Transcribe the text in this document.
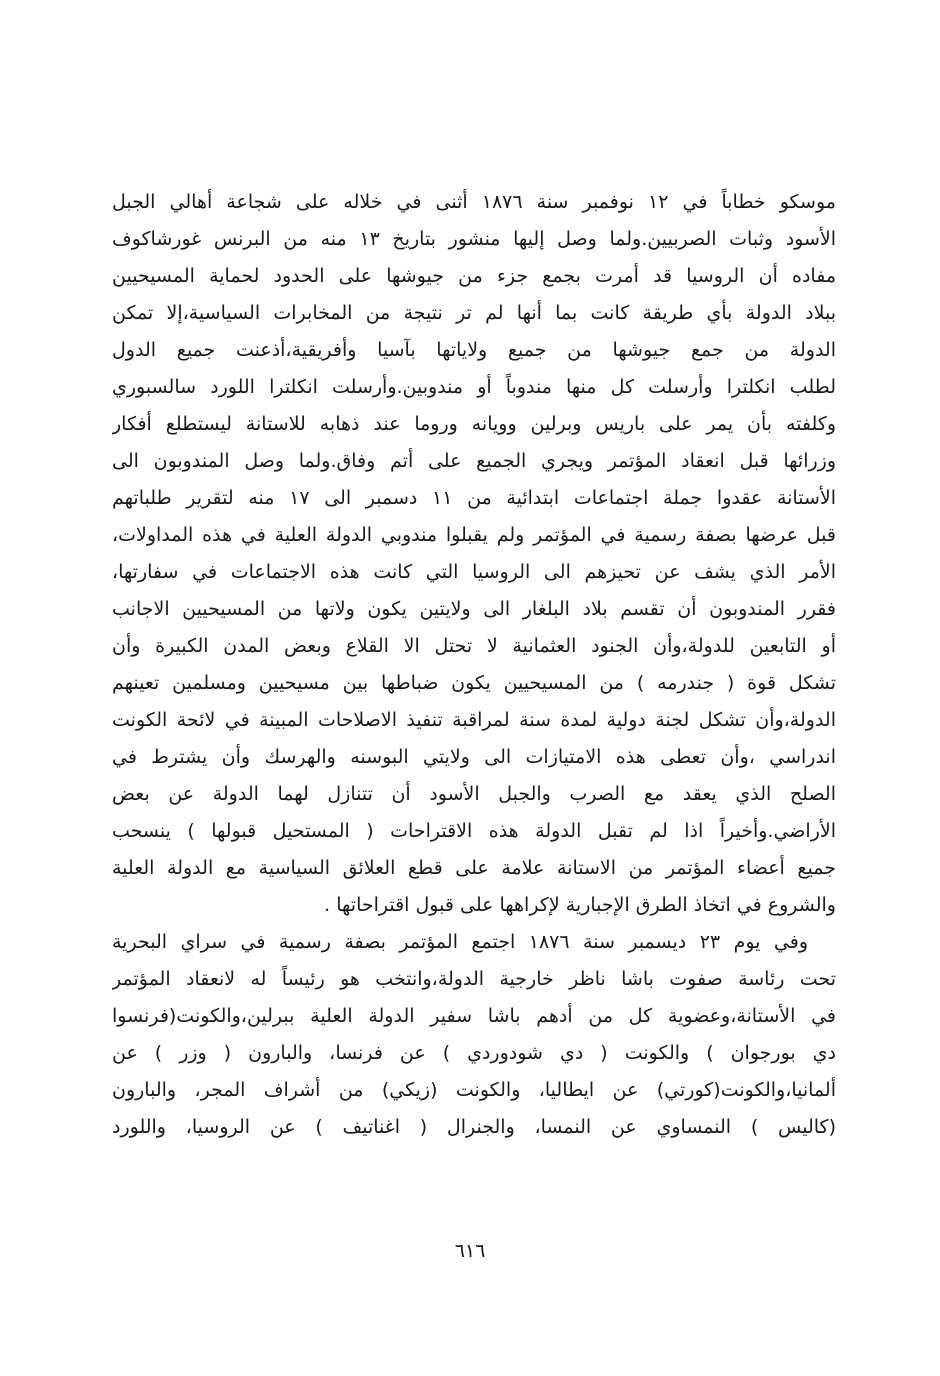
موسكو خطاباً في ١٢ نوفمبر سنة ١٨٧٦ أثنى في خلاله على شجاعة أهالي الجبل
الأسود وثبات الصربيين.ولما وصل إليها منشور بتاريخ ١٣ منه من البرنس غورشاكوف
مفاده أن الروسيا قد أمرت بجمع جزء من جيوشها على الحدود لحماية المسيحيين
ببلاد الدولة بأي طريقة كانت بما أنها لم تر نتيجة من المخابرات السياسية،إلا تمكن
الدولة من جمع جيوشها من جميع ولاياتها بآسيا وأفريقية،أذعنت جميع الدول
لطلب انكلترا وأرسلت كل منها مندوباً أو مندوبين.وأرسلت انكلترا اللورد سالسبوري
وكلفته بأن يمر على باريس وبرلين وويانه وروما عند ذهابه للاستانة ليستطلع أفكار
وزرائها قبل انعقاد المؤتمر ويجري الجميع على أتم وفاق.ولما وصل المندوبون الى
الأستانة عقدوا جملة اجتماعات ابتدائية من ١١ دسمبر الى ١٧ منه لتقرير طلباتهم
قبل عرضها بصفة رسمية في المؤتمر ولم يقبلوا مندوبي الدولة العلية في هذه المداولات،
الأمر الذي يشف عن تحيزهم الى الروسيا التي كانت هذه الاجتماعات في سفارتها،
فقرر المندوبون أن تقسم بلاد البلغار الى ولايتين يكون ولاتها من المسيحيين الاجانب
أو التابعين للدولة،وأن الجنود العثمانية لا تحتل الا القلاع وبعض المدن الكبيرة وأن
تشكل قوة ( جندرمه ) من المسيحيين يكون ضباطها بين مسيحيين ومسلمين تعينهم
الدولة،وأن تشكل لجنة دولية لمدة سنة لمراقبة تنفيذ الاصلاحات المبينة في لائحة الكونت
اندراسي ،وأن تعطى هذه الامتيازات الى ولايتي البوسنه والهرسك وأن يشترط في
الصلح الذي يعقد مع الصرب والجبل الأسود أن تتنازل لهما الدولة عن بعض
الأراضي.وأخيراً اذا لم تقبل الدولة هذه الاقتراحات ( المستحيل قبولها ) ينسحب
جميع أعضاء المؤتمر من الاستانة علامة على قطع العلائق السياسية مع الدولة العلية
والشروع في اتخاذ الطرق الإجبارية لإكراهها على قبول اقتراحاتها .
وفي يوم ٢٣ ديسمبر سنة ١٨٧٦ اجتمع المؤتمر بصفة رسمية في سراي البحرية
تحت رئاسة صفوت باشا ناظر خارجية الدولة،وانتخب هو رئيساً له لانعقاد المؤتمر
في الأستانة،وعضوية كل من أدهم باشا سفير الدولة العلية ببرلين،والكونت(فرنسوا
دي بورجوان ) والكونت ( دي شودوردي ) عن فرنسا، والبارون ( وزر ) عن
ألمانيا،والكونت(كورتي) عن ايطاليا، والكونت (زيكي) من أشراف المجر، والبارون
(كاليس ) النمساوي عن النمسا، والجنرال ( اغناتيف ) عن الروسيا، واللورد
٦١٦
